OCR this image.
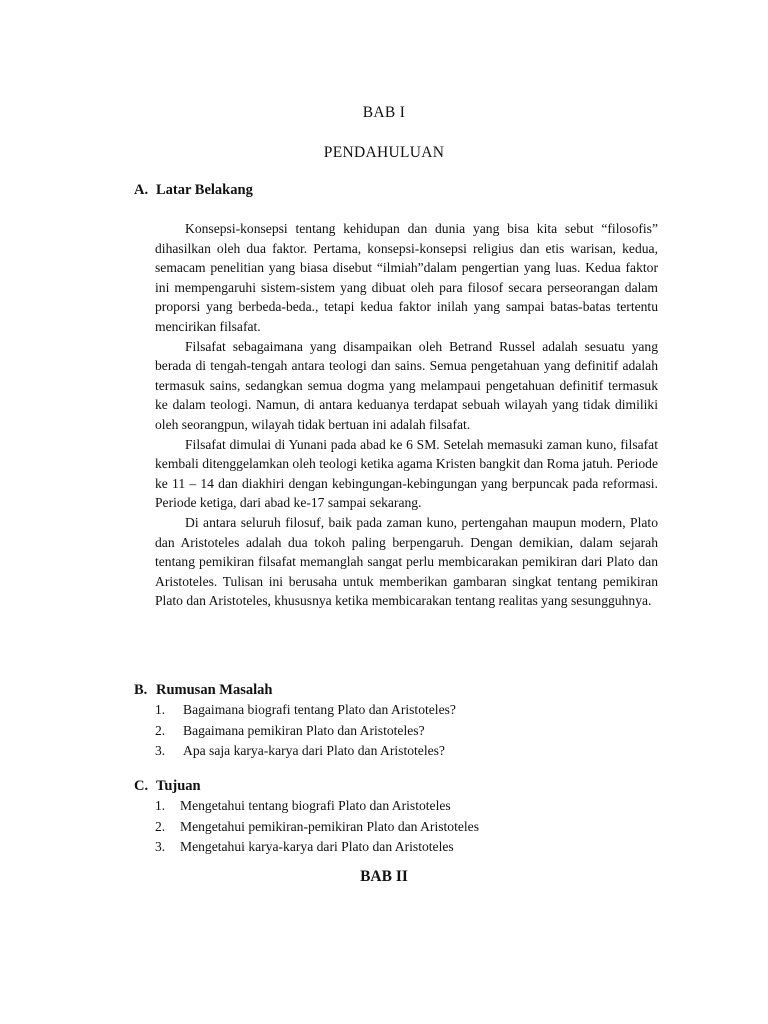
BAB I
PENDAHULUAN
A. Latar Belakang

Konsepsi-konsepsi tentang kehidupan dan dunia yang bisa kita sebut “filosofis” dihasilkan oleh dua faktor. Pertama, konsepsi-konsepsi religius dan etis warisan, kedua, semacam penelitian yang biasa disebut “ilmiah”dalam pengertian yang luas. Kedua faktor ini mempengaruhi sistem-sistem yang dibuat oleh para filosof secara perseorangan dalam proporsi yang berbeda-beda., tetapi kedua faktor inilah yang sampai batas-batas tertentu mencirikan filsafat.

Filsafat sebagaimana yang disampaikan oleh Betrand Russel adalah sesuatu yang berada di tengah-tengah antara teologi dan sains. Semua pengetahuan yang definitif adalah termasuk sains, sedangkan semua dogma yang melampaui pengetahuan definitif termasuk ke dalam teologi. Namun, di antara keduanya terdapat sebuah wilayah yang tidak dimiliki oleh seorangpun, wilayah tidak bertuan ini adalah filsafat.

Filsafat dimulai di Yunani pada abad ke 6 SM. Setelah memasuki zaman kuno, filsafat kembali ditenggelamkan oleh teologi ketika agama Kristen bangkit dan Roma jatuh. Periode ke 11 – 14 dan diakhiri dengan kebingungan-kebingungan yang berpuncak pada reformasi. Periode ketiga, dari abad ke-17 sampai sekarang.

Di antara seluruh filosuf, baik pada zaman kuno, pertengahan maupun modern, Plato dan Aristoteles adalah dua tokoh paling berpengaruh. Dengan demikian, dalam sejarah tentang pemikiran filsafat memanglah sangat perlu membicarakan pemikiran dari Plato dan Aristoteles. Tulisan ini berusaha untuk memberikan gambaran singkat tentang pemikiran Plato dan Aristoteles, khususnya ketika membicarakan tentang realitas yang sesungguhnya.

B. Rumusan Masalah
1.	Bagaimana biografi tentang Plato dan Aristoteles?
2.	Bagaimana pemikiran Plato dan Aristoteles?
3.	Apa saja karya-karya dari Plato dan Aristoteles?
C. Tujuan
1.	Mengetahui tentang biografi Plato dan Aristoteles
2.	Mengetahui pemikiran-pemikiran Plato dan Aristoteles
3.	Mengetahui karya-karya dari Plato dan Aristoteles
BAB II
